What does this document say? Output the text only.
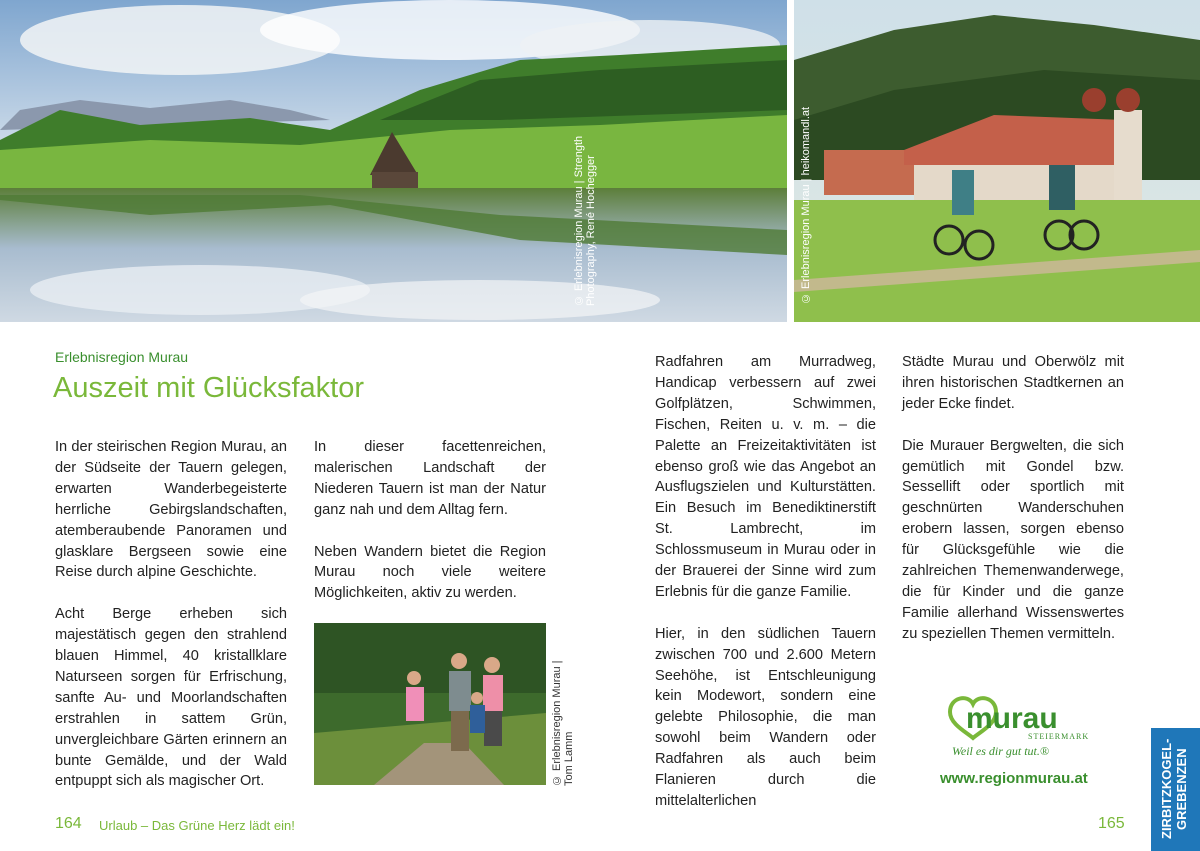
© Erlebnisregion Murau | Strength Photography, René Hochegger	© Erlebnisregion Murau | heikomandl.at
Erlebnisregion Murau
Auszeit mit Glücksfaktor

In der steirischen Region Murau, an der Südseite der Tauern gelegen, erwarten Wanderbegeisterte herrliche Gebirgslandschaften, atemberaubende Panoramen und glasklare Bergseen sowie eine Reise durch alpine Geschichte.

Acht Berge erheben sich majestätisch gegen den strahlend blauen Himmel, 40 kristallklare Naturseen sorgen für Erfrischung, sanfte Au- und Moorlandschaften erstrahlen in sattem Grün, unvergleichbare Gärten erinnern an bunte Gemälde, und der Wald entpuppt sich als magischer Ort.

In dieser facettenreichen, malerischen Landschaft der Niederen Tauern ist man der Natur ganz nah und dem Alltag fern.

Neben Wandern bietet die Region Murau noch viele weitere Möglichkeiten, aktiv zu werden.

© Erlebnisregion Murau | Tom Lamm

Radfahren am Murradweg, Handicap verbessern auf zwei Golfplätzen, Schwimmen, Fischen, Reiten u. v. m. – die Palette an Freizeitaktivitäten ist ebenso groß wie das Angebot an Ausflugszielen und Kulturstätten. Ein Besuch im Benediktinerstift St. Lambrecht, im Schlossmuseum in Murau oder in der Brauerei der Sinne wird zum Erlebnis für die ganze Familie.

Hier, in den südlichen Tauern zwischen 700 und 2.600 Metern Seehöhe, ist Entschleunigung kein Modewort, sondern eine gelebte Philosophie, die man sowohl beim Wandern oder Radfahren als auch beim Flanieren durch die mittelalterlichen

Städte Murau und Oberwölz mit ihren historischen Stadtkernen an jeder Ecke findet.

Die Murauer Bergwelten, die sich gemütlich mit Gondel bzw. Sessellift oder sportlich mit geschnürten Wanderschuhen erobern lassen, sorgen ebenso für Glücksgefühle wie die zahlreichen Themenwanderwege, die für Kinder und die ganze Familie allerhand Wissenswertes zu speziellen Themen vermitteln.

murau
STEIERMARK
Weil es dir gut tut.®
www.regionmurau.at
164 Urlaub – Das Grüne Herz lädt ein!	165	ZIRBITZKOGEL-GREBENZEN
